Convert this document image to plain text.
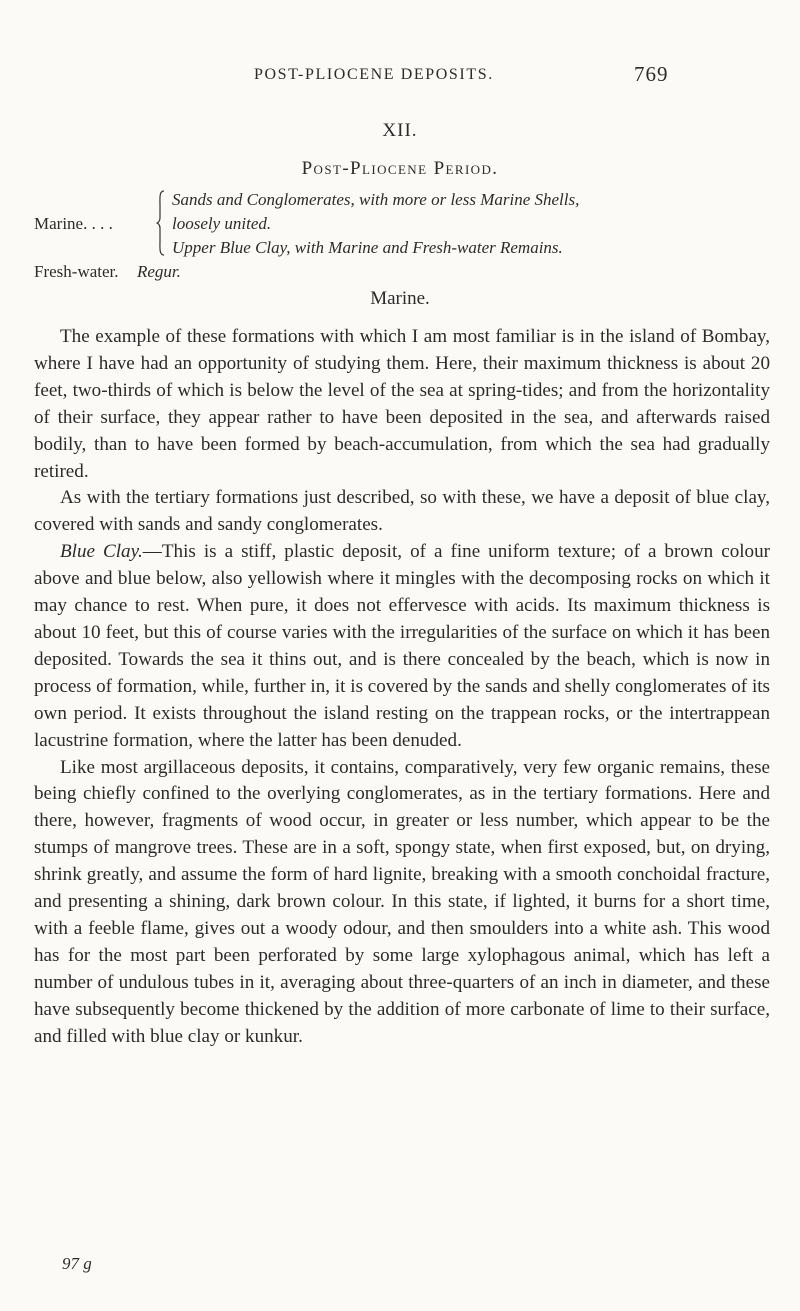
POST-PLIOCENE DEPOSITS.	769
XII.
Post-Pliocene Period.
Marine. . . .
Sands and Conglomerates, with more or less Marine Shells,
loosely united.
Upper Blue Clay, with Marine and Fresh-water Remains.
Fresh-water. Regur.
Marine.

The example of these formations with which I am most familiar is in the island of Bombay, where I have had an opportunity of studying them. Here, their maximum thickness is about 20 feet, two-thirds of which is below the level of the sea at spring-tides; and from the horizontality of their surface, they appear rather to have been deposited in the sea, and afterwards raised bodily, than to have been formed by beach-accumulation, from which the sea had gradually retired.

As with the tertiary formations just described, so with these, we have a deposit of blue clay, covered with sands and sandy conglomerates.

Blue Clay.—This is a stiff, plastic deposit, of a fine uniform texture; of a brown colour above and blue below, also yellowish where it mingles with the decomposing rocks on which it may chance to rest. When pure, it does not effervesce with acids. Its maximum thickness is about 10 feet, but this of course varies with the irregularities of the surface on which it has been deposited. Towards the sea it thins out, and is there concealed by the beach, which is now in process of formation, while, further in, it is covered by the sands and shelly conglomerates of its own period. It exists throughout the island resting on the trappean rocks, or the intertrappean lacustrine formation, where the latter has been denuded.

Like most argillaceous deposits, it contains, comparatively, very few organic remains, these being chiefly confined to the overlying conglomerates, as in the tertiary formations. Here and there, however, fragments of wood occur, in greater or less number, which appear to be the stumps of mangrove trees. These are in a soft, spongy state, when first exposed, but, on drying, shrink greatly, and assume the form of hard lignite, breaking with a smooth conchoidal fracture, and presenting a shining, dark brown colour. In this state, if lighted, it burns for a short time, with a feeble flame, gives out a woody odour, and then smoulders into a white ash. This wood has for the most part been perforated by some large xylophagous animal, which has left a number of undulous tubes in it, averaging about three-quarters of an inch in diameter, and these have subsequently become thickened by the addition of more carbonate of lime to their surface, and filled with blue clay or kunkur.

97 g
